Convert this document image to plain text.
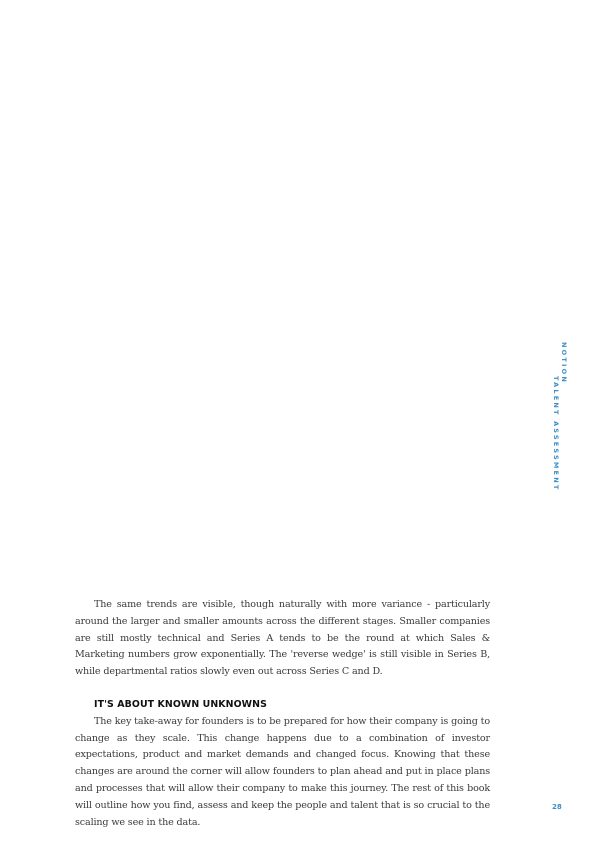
NOTION
TALENT ASSESSMENT

The same trends are visible, though naturally with more variance - particularly around the larger and smaller amounts across the different stages. Smaller companies are still mostly technical and Series A tends to be the round at which Sales & Marketing numbers grow exponentially. The 'reverse wedge' is still visible in Series B, while departmental ratios slowly even out across Series C and D.

IT'S ABOUT KNOWN UNKNOWNS

The key take-away for founders is to be prepared for how their company is going to change as they scale. This change happens due to a combination of investor expectations, product and market demands and changed focus. Knowing that these changes are around the corner will allow founders to plan ahead and put in place plans and processes that will allow their company to make this journey. The rest of this book will outline how you find, assess and keep the people and talent that is so crucial to the scaling we see in the data.

28
